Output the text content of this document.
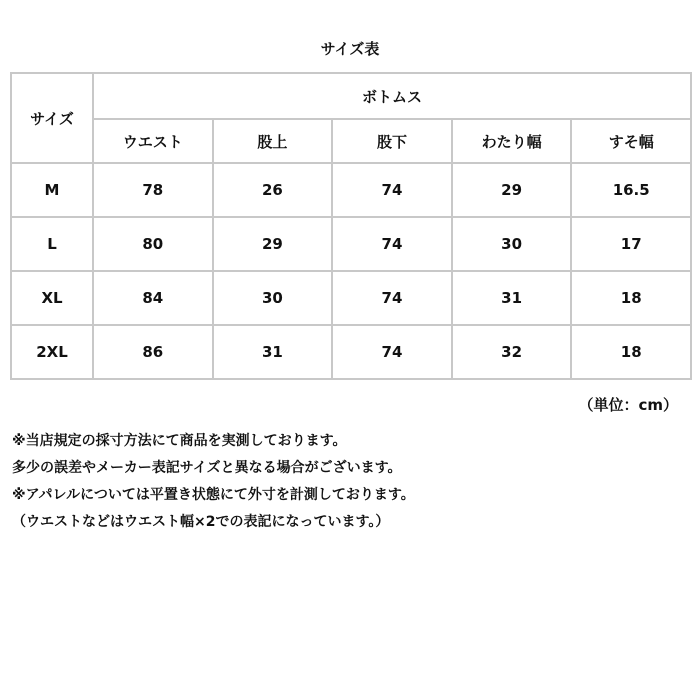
サイズ表
サイズ	ボトムス				
	ウエスト	股上	股下	わたり幅	すそ幅
M	78	26	74	29	16.5
L	80	29	74	30	17
XL	84	30	74	31	18
2XL	86	31	74	32	18
（単位：cm）
※当店規定の採寸方法にて商品を実測しております。
多少の誤差やメーカー表記サイズと異なる場合がございます。
※アパレルについては平置き状態にて外寸を計測しております。
（ウエストなどはウエスト幅×2での表記になっています。）
